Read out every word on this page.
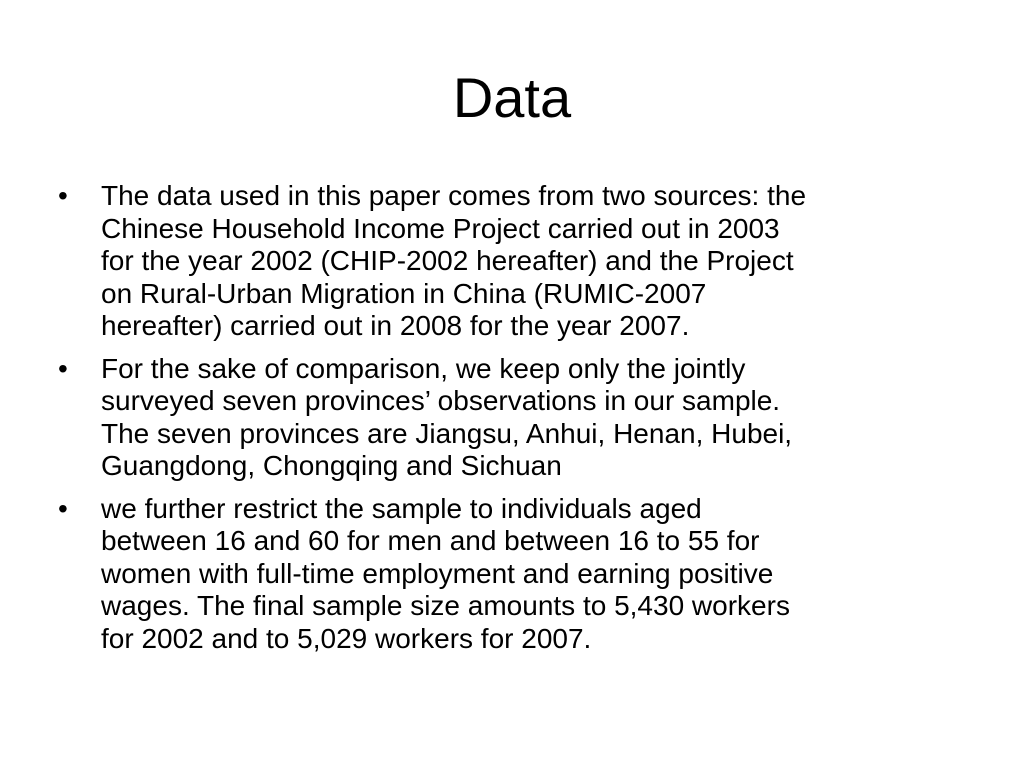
Data
• The data used in this paper comes from two sources: the
Chinese Household Income Project carried out in 2003
for the year 2002 (CHIP-2002 hereafter) and the Project
on Rural-Urban Migration in China (RUMIC-2007
hereafter) carried out in 2008 for the year 2007.
• For the sake of comparison, we keep only the jointly
surveyed seven provinces’ observations in our sample.
The seven provinces are Jiangsu, Anhui, Henan, Hubei,
Guangdong, Chongqing and Sichuan
• we further restrict the sample to individuals aged
between 16 and 60 for men and between 16 to 55 for
women with full-time employment and earning positive
wages. The final sample size amounts to 5,430 workers
for 2002 and to 5,029 workers for 2007.
